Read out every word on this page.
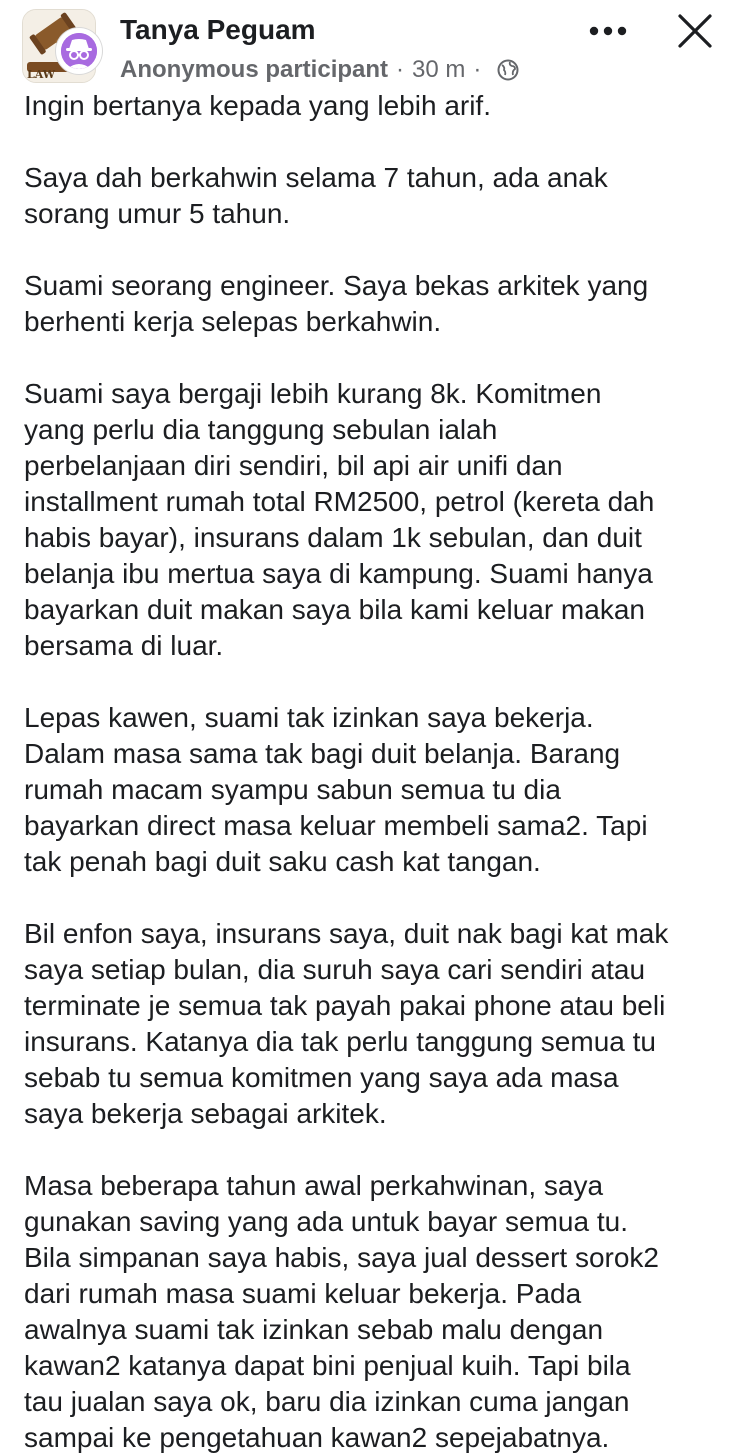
LAW
Tanya Peguam
Anonymous participant · 30 m ·

Ingin bertanya kepada yang lebih arif.

Saya dah berkahwin selama 7 tahun, ada anak
sorang umur 5 tahun.

Suami seorang engineer. Saya bekas arkitek yang
berhenti kerja selepas berkahwin.

Suami saya bergaji lebih kurang 8k. Komitmen
yang perlu dia tanggung sebulan ialah
perbelanjaan diri sendiri, bil api air unifi dan
installment rumah total RM2500, petrol (kereta dah
habis bayar), insurans dalam 1k sebulan, dan duit
belanja ibu mertua saya di kampung. Suami hanya
bayarkan duit makan saya bila kami keluar makan
bersama di luar.

Lepas kawen, suami tak izinkan saya bekerja.
Dalam masa sama tak bagi duit belanja. Barang
rumah macam syampu sabun semua tu dia
bayarkan direct masa keluar membeli sama2. Tapi
tak penah bagi duit saku cash kat tangan.

Bil enfon saya, insurans saya, duit nak bagi kat mak
saya setiap bulan, dia suruh saya cari sendiri atau
terminate je semua tak payah pakai phone atau beli
insurans. Katanya dia tak perlu tanggung semua tu
sebab tu semua komitmen yang saya ada masa
saya bekerja sebagai arkitek.

Masa beberapa tahun awal perkahwinan, saya
gunakan saving yang ada untuk bayar semua tu.
Bila simpanan saya habis, saya jual dessert sorok2
dari rumah masa suami keluar bekerja. Pada
awalnya suami tak izinkan sebab malu dengan
kawan2 katanya dapat bini penjual kuih. Tapi bila
tau jualan saya ok, baru dia izinkan cuma jangan
sampai ke pengetahuan kawan2 sepejabatnya.
